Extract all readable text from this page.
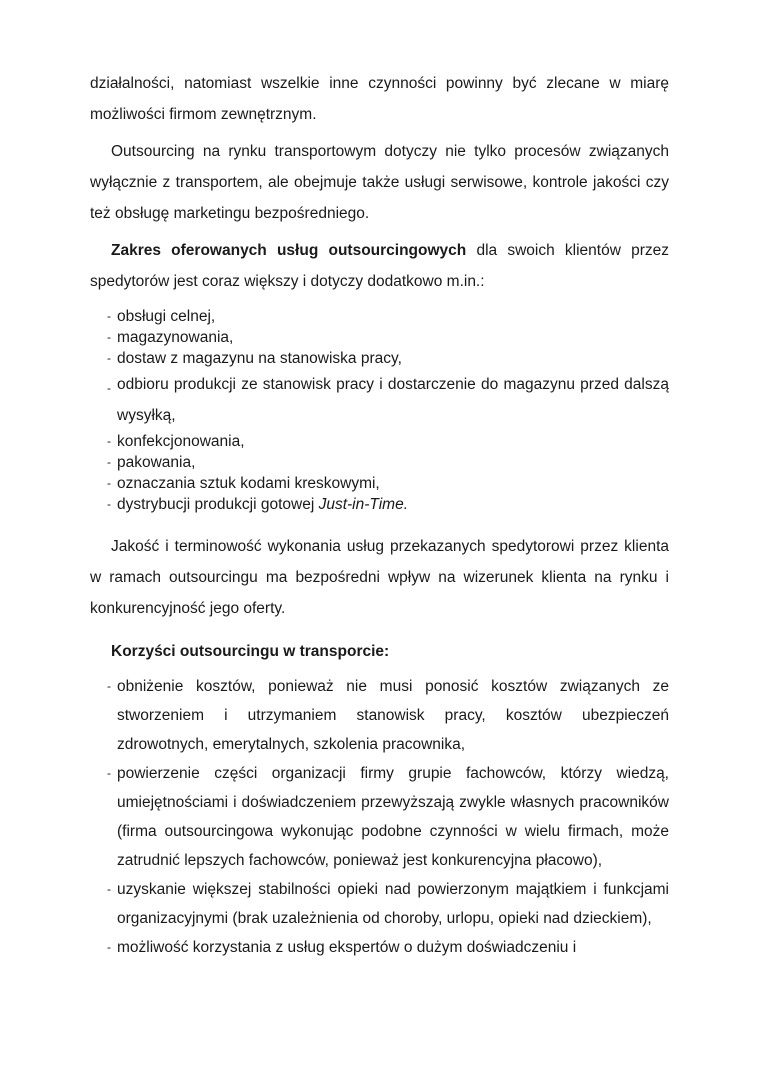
działalności, natomiast wszelkie inne czynności powinny być zlecane w miarę możliwości firmom zewnętrznym.

Outsourcing na rynku transportowym dotyczy nie tylko procesów związanych wyłącznie z transportem, ale obejmuje także usługi serwisowe, kontrole jakości czy też obsługę marketingu bezpośredniego.

Zakres oferowanych usług outsourcingowych dla swoich klientów przez spedytorów jest coraz większy i dotyczy dodatkowo m.in.:

- obsługi celnej,
- magazynowania,
- dostaw z magazynu na stanowiska pracy,
- odbioru produkcji ze stanowisk pracy i dostarczenie do magazynu przed dalszą wysyłką,
- konfekcjonowania,
- pakowania,
- oznaczania sztuk kodami kreskowymi,
- dystrybucji produkcji gotowej Just-in-Time.

Jakość i terminowość wykonania usług przekazanych spedytorowi przez klienta w ramach outsourcingu ma bezpośredni wpływ na wizerunek klienta na rynku i konkurencyjność jego oferty.

Korzyści outsourcingu w transporcie:
- obniżenie kosztów, ponieważ nie musi ponosić kosztów związanych ze stworzeniem i utrzymaniem stanowisk pracy, kosztów ubezpieczeń zdrowotnych, emerytalnych, szkolenia pracownika,
- powierzenie części organizacji firmy grupie fachowców, którzy wiedzą, umiejętnościami i doświadczeniem przewyższają zwykle własnych pracowników (firma outsourcingowa wykonując podobne czynności w wielu firmach, może zatrudnić lepszych fachowców, ponieważ jest konkurencyjna płacowo),
- uzyskanie większej stabilności opieki nad powierzonym majątkiem i funkcjami organizacyjnymi (brak uzależnienia od choroby, urlopu, opieki nad dzieckiem),
- możliwość korzystania z usług ekspertów o dużym doświadczeniu i
